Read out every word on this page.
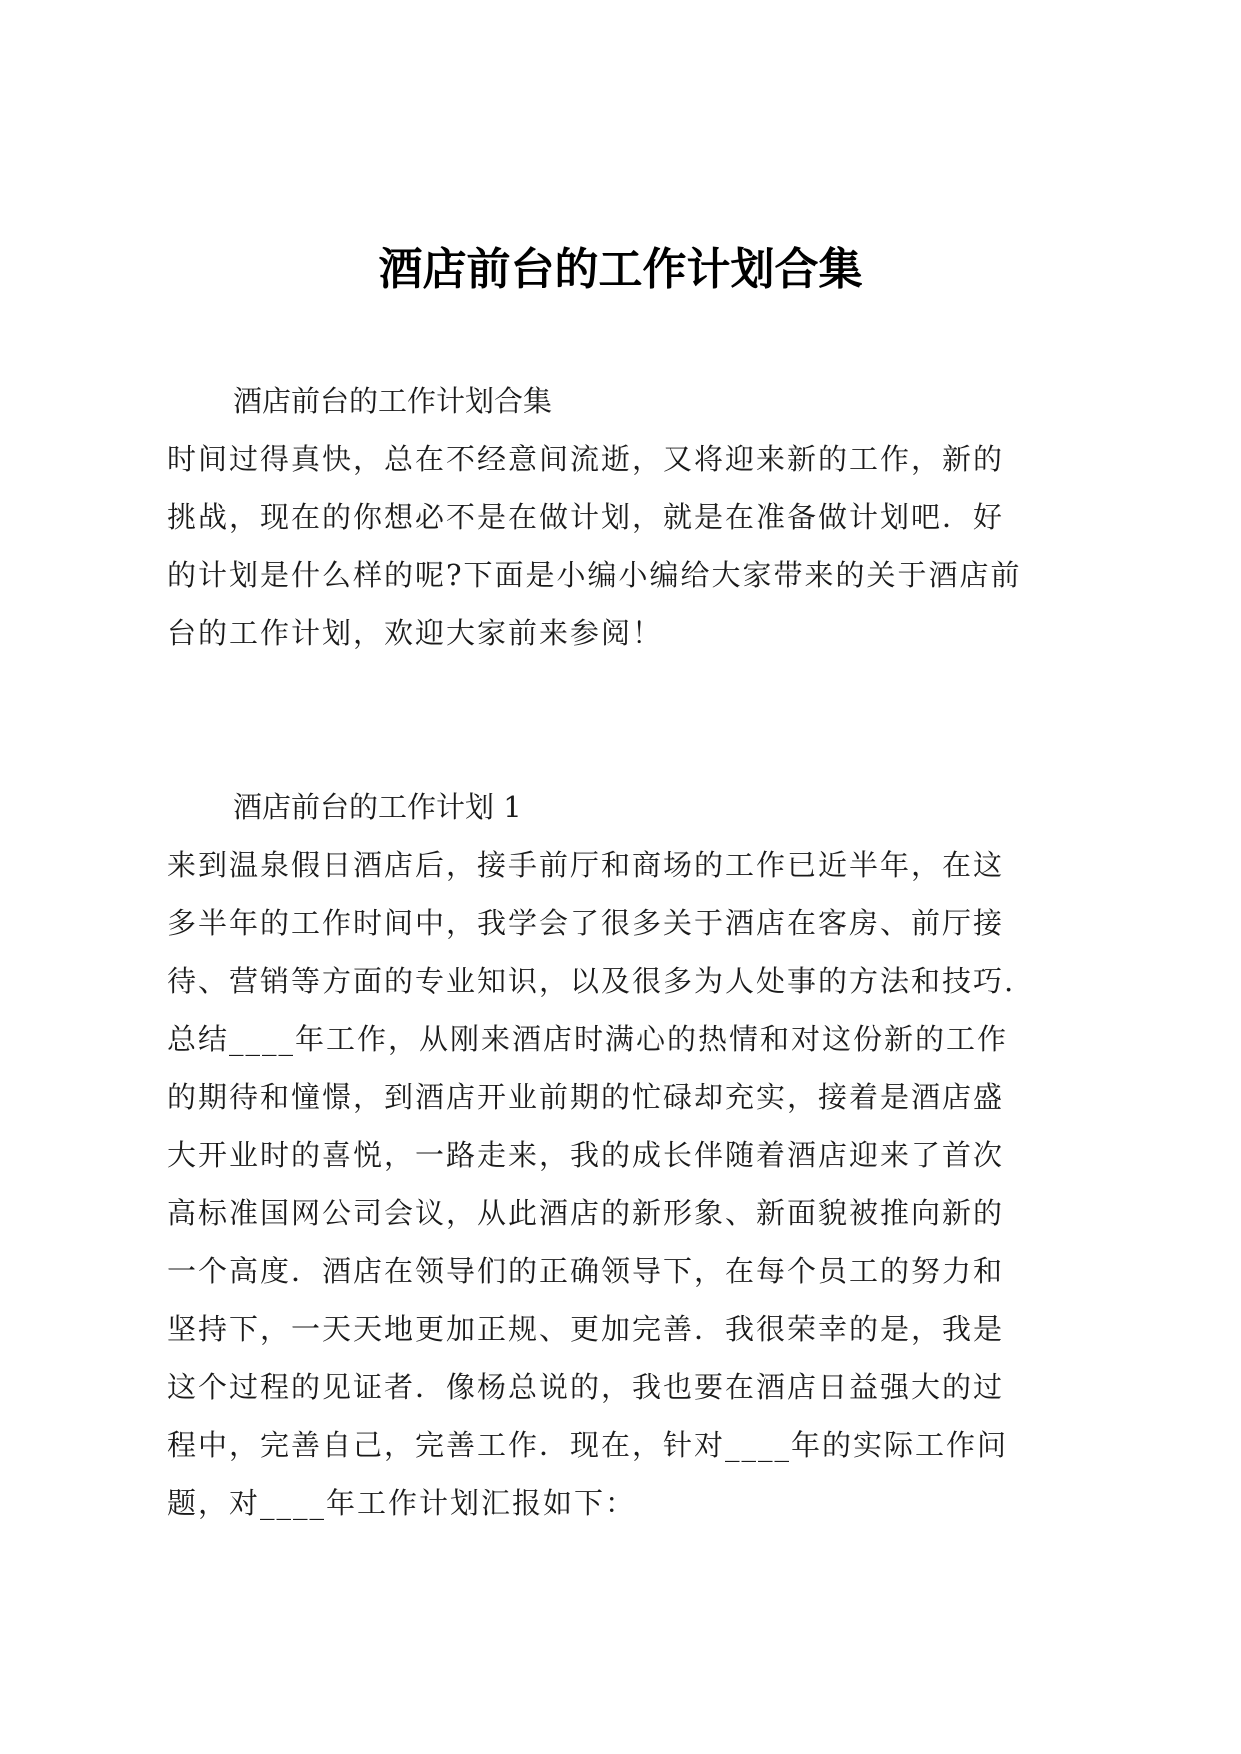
酒店前台的工作计划合集

酒店前台的工作计划合集

时间过得真快，总在不经意间流逝，又将迎来新的工作，新的

挑战，现在的你想必不是在做计划，就是在准备做计划吧．好

的计划是什么样的呢?下面是小编小编给大家带来的关于酒店前

台的工作计划，欢迎大家前来参阅！

酒店前台的工作计划 1

来到温泉假日酒店后，接手前厅和商场的工作已近半年，在这

多半年的工作时间中，我学会了很多关于酒店在客房、前厅接

待、营销等方面的专业知识，以及很多为人处事的方法和技巧.

总结____年工作，从刚来酒店时满心的热情和对这份新的工作

的期待和憧憬，到酒店开业前期的忙碌却充实，接着是酒店盛

大开业时的喜悦，一路走来，我的成长伴随着酒店迎来了首次

高标准国网公司会议，从此酒店的新形象、新面貌被推向新的

一个高度．酒店在领导们的正确领导下，在每个员工的努力和

坚持下，一天天地更加正规、更加完善．我很荣幸的是，我是

这个过程的见证者．像杨总说的，我也要在酒店日益强大的过

程中，完善自己，完善工作．现在，针对____年的实际工作问

题，对____年工作计划汇报如下：
